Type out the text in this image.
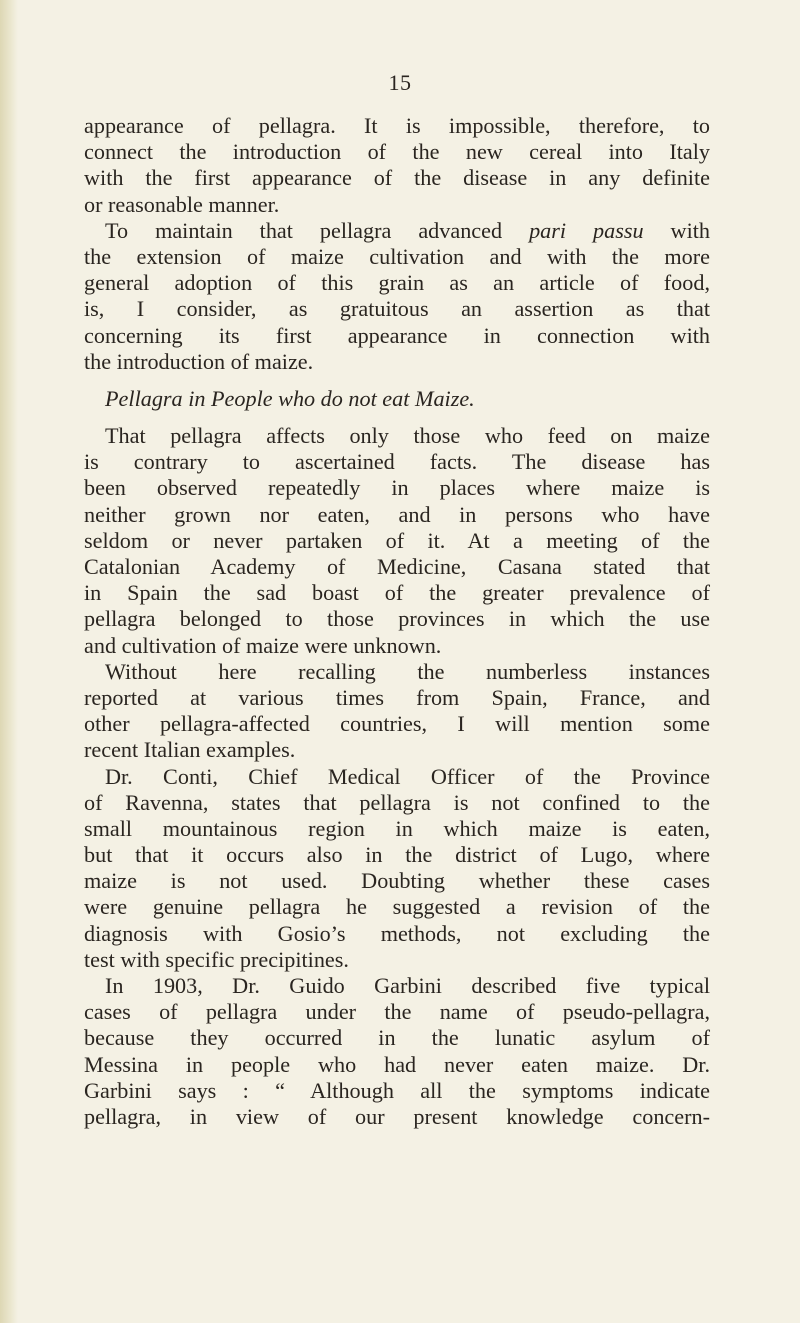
15
appearance of pellagra. It is impossible, therefore, to
connect the introduction of the new cereal into Italy
with the first appearance of the disease in any definite
or reasonable manner.
To maintain that pellagra advanced pari passu with
the extension of maize cultivation and with the more
general adoption of this grain as an article of food,
is, I consider, as gratuitous an assertion as that
concerning its first appearance in connection with
the introduction of maize.
Pellagra in People who do not eat Maize.
That pellagra affects only those who feed on maize
is contrary to ascertained facts. The disease has
been observed repeatedly in places where maize is
neither grown nor eaten, and in persons who have
seldom or never partaken of it. At a meeting of the
Catalonian Academy of Medicine, Casana stated that
in Spain the sad boast of the greater prevalence of
pellagra belonged to those provinces in which the use
and cultivation of maize were unknown.
Without here recalling the numberless instances
reported at various times from Spain, France, and
other pellagra-affected countries, I will mention some
recent Italian examples.
Dr. Conti, Chief Medical Officer of the Province
of Ravenna, states that pellagra is not confined to the
small mountainous region in which maize is eaten,
but that it occurs also in the district of Lugo, where
maize is not used. Doubting whether these cases
were genuine pellagra he suggested a revision of the
diagnosis with Gosio’s methods, not excluding the
test with specific precipitines.
In 1903, Dr. Guido Garbini described five typical
cases of pellagra under the name of pseudo-pellagra,
because they occurred in the lunatic asylum of
Messina in people who had never eaten maize. Dr.
Garbini says : “ Although all the symptoms indicate
pellagra, in view of our present knowledge concern-
